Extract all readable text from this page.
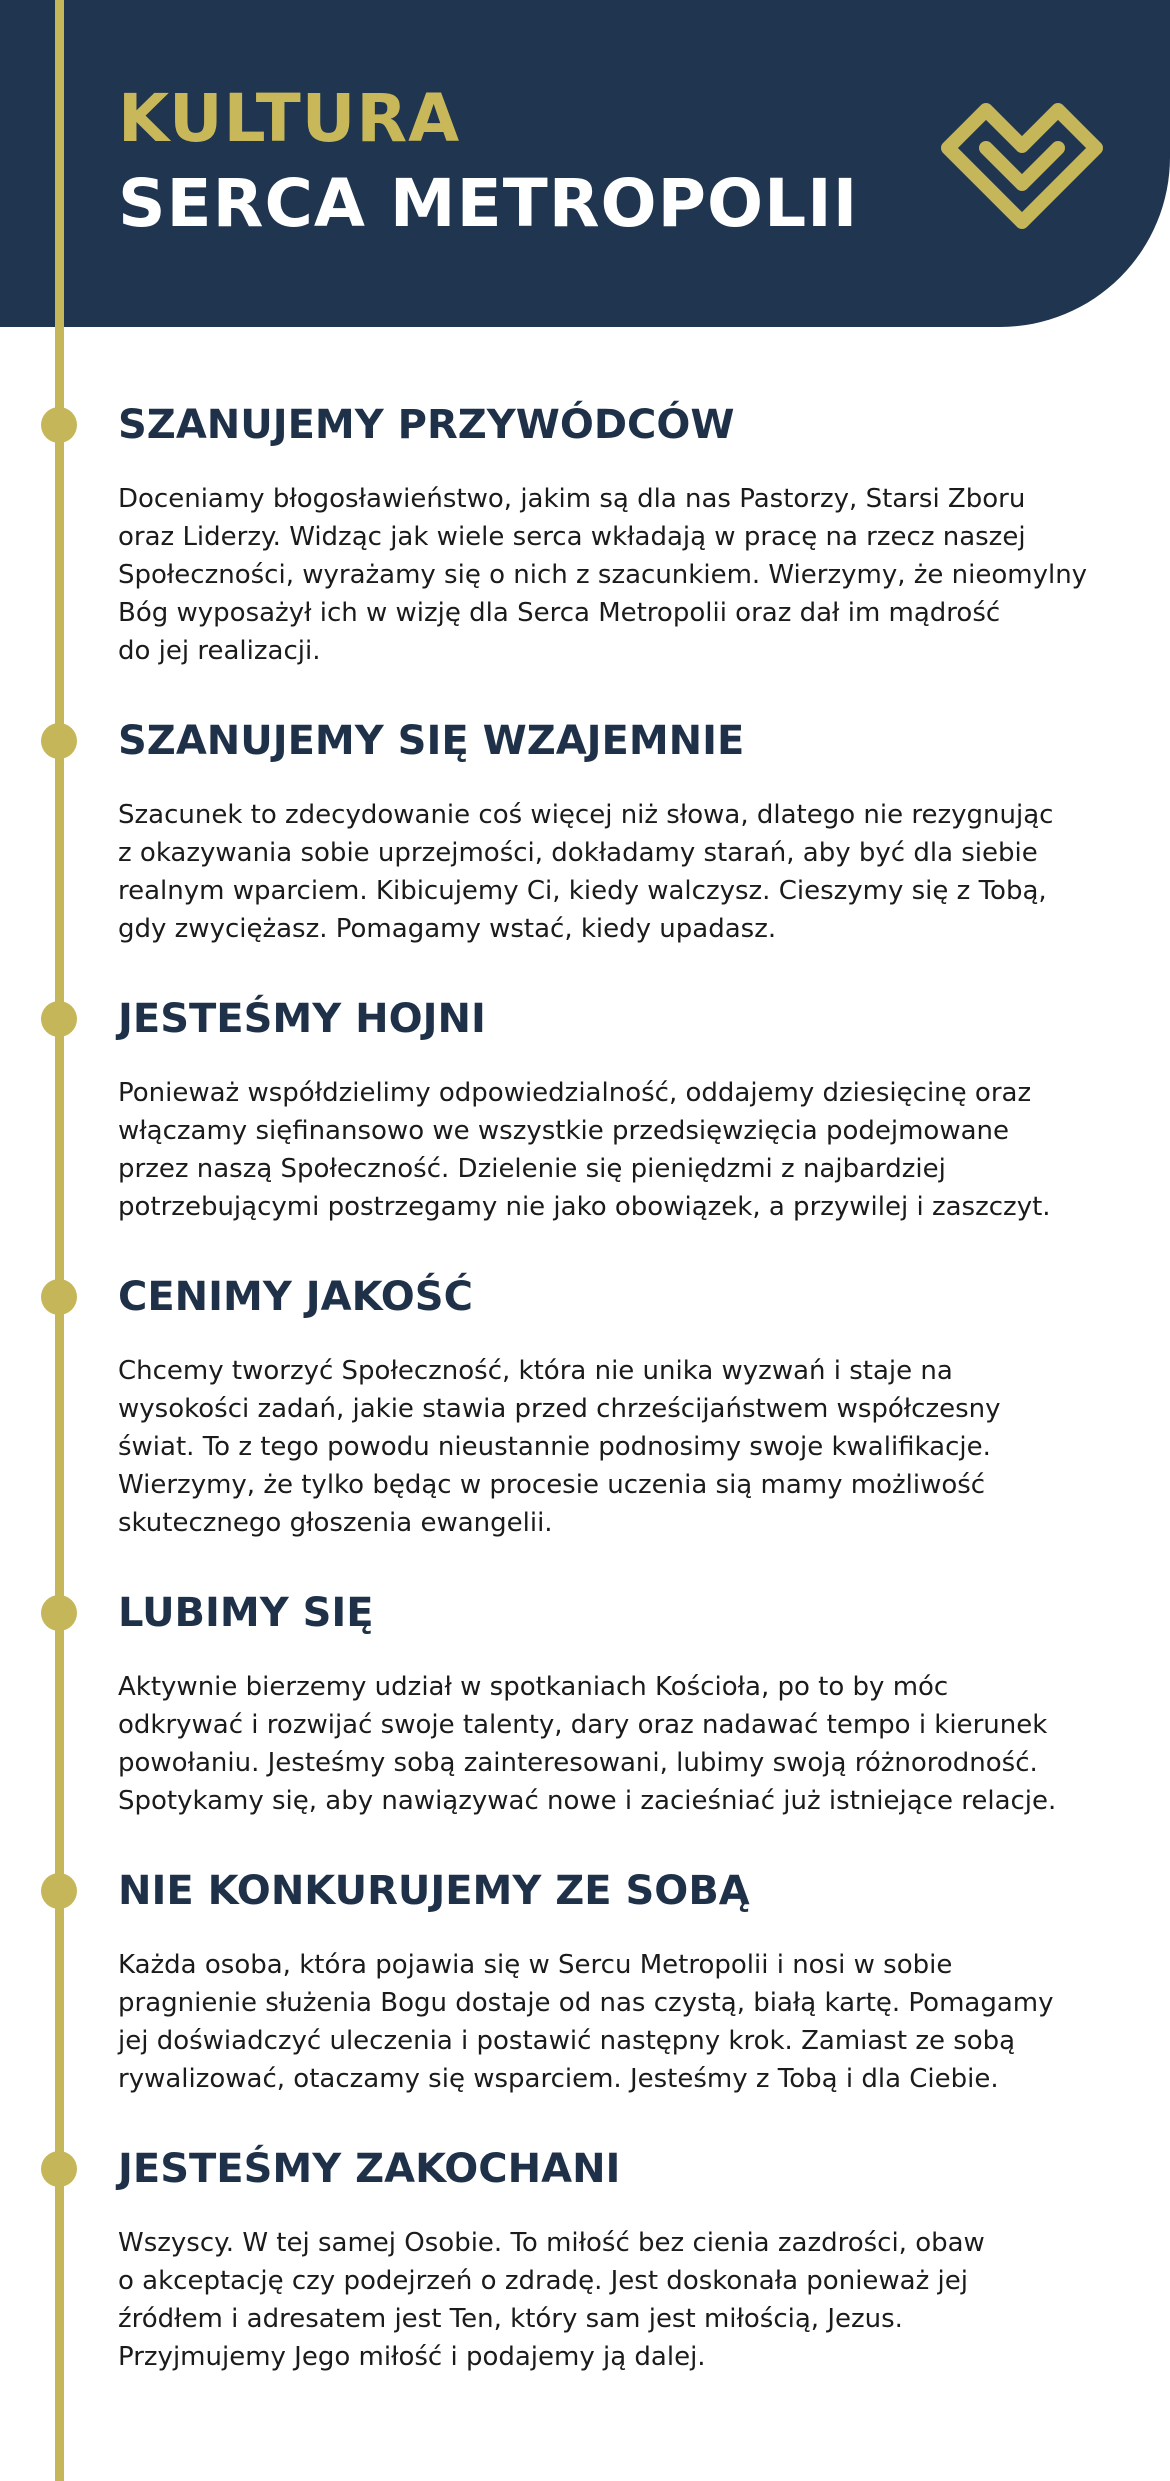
KULTURA
SERCA METROPOLII
SZANUJEMY PRZYWÓDCÓW

Doceniamy błogosławieństwo, jakim są dla nas Pastorzy, Starsi Zboru
oraz Liderzy. Widząc jak wiele serca wkładają w pracę na rzecz naszej
Społeczności, wyrażamy się o nich z szacunkiem. Wierzymy, że nieomylny
Bóg wyposażył ich w wizję dla Serca Metropolii oraz dał im mądrość
do jej realizacji.

SZANUJEMY SIĘ WZAJEMNIE

Szacunek to zdecydowanie coś więcej niż słowa, dlatego nie rezygnując
z okazywania sobie uprzejmości, dokładamy starań, aby być dla siebie
realnym wparciem. Kibicujemy Ci, kiedy walczysz. Cieszymy się z Tobą,
gdy zwyciężasz. Pomagamy wstać, kiedy upadasz.

JESTEŚMY HOJNI

Ponieważ współdzielimy odpowiedzialność, oddajemy dziesięcinę oraz
włączamy sięfinansowo we wszystkie przedsięwzięcia podejmowane
przez naszą Społeczność. Dzielenie się pieniędzmi z najbardziej
potrzebującymi postrzegamy nie jako obowiązek, a przywilej i zaszczyt.

CENIMY JAKOŚĆ

Chcemy tworzyć Społeczność, która nie unika wyzwań i staje na
wysokości zadań, jakie stawia przed chrześcijaństwem współczesny
świat. To z tego powodu nieustannie podnosimy swoje kwalifikacje.
Wierzymy, że tylko będąc w procesie uczenia sią mamy możliwość
skutecznego głoszenia ewangelii.

LUBIMY SIĘ

Aktywnie bierzemy udział w spotkaniach Kościoła, po to by móc
odkrywać i rozwijać swoje talenty, dary oraz nadawać tempo i kierunek
powołaniu. Jesteśmy sobą zainteresowani, lubimy swoją różnorodność.
Spotykamy się, aby nawiązywać nowe i zacieśniać już istniejące relacje.

NIE KONKURUJEMY ZE SOBĄ

Każda osoba, która pojawia się w Sercu Metropolii i nosi w sobie
pragnienie służenia Bogu dostaje od nas czystą, białą kartę. Pomagamy
jej doświadczyć uleczenia i postawić następny krok. Zamiast ze sobą
rywalizować, otaczamy się wsparciem. Jesteśmy z Tobą i dla Ciebie.

JESTEŚMY ZAKOCHANI

Wszyscy. W tej samej Osobie. To miłość bez cienia zazdrości, obaw
o akceptację czy podejrzeń o zdradę. Jest doskonała ponieważ jej
źródłem i adresatem jest Ten, który sam jest miłością, Jezus.
Przyjmujemy Jego miłość i podajemy ją dalej.
